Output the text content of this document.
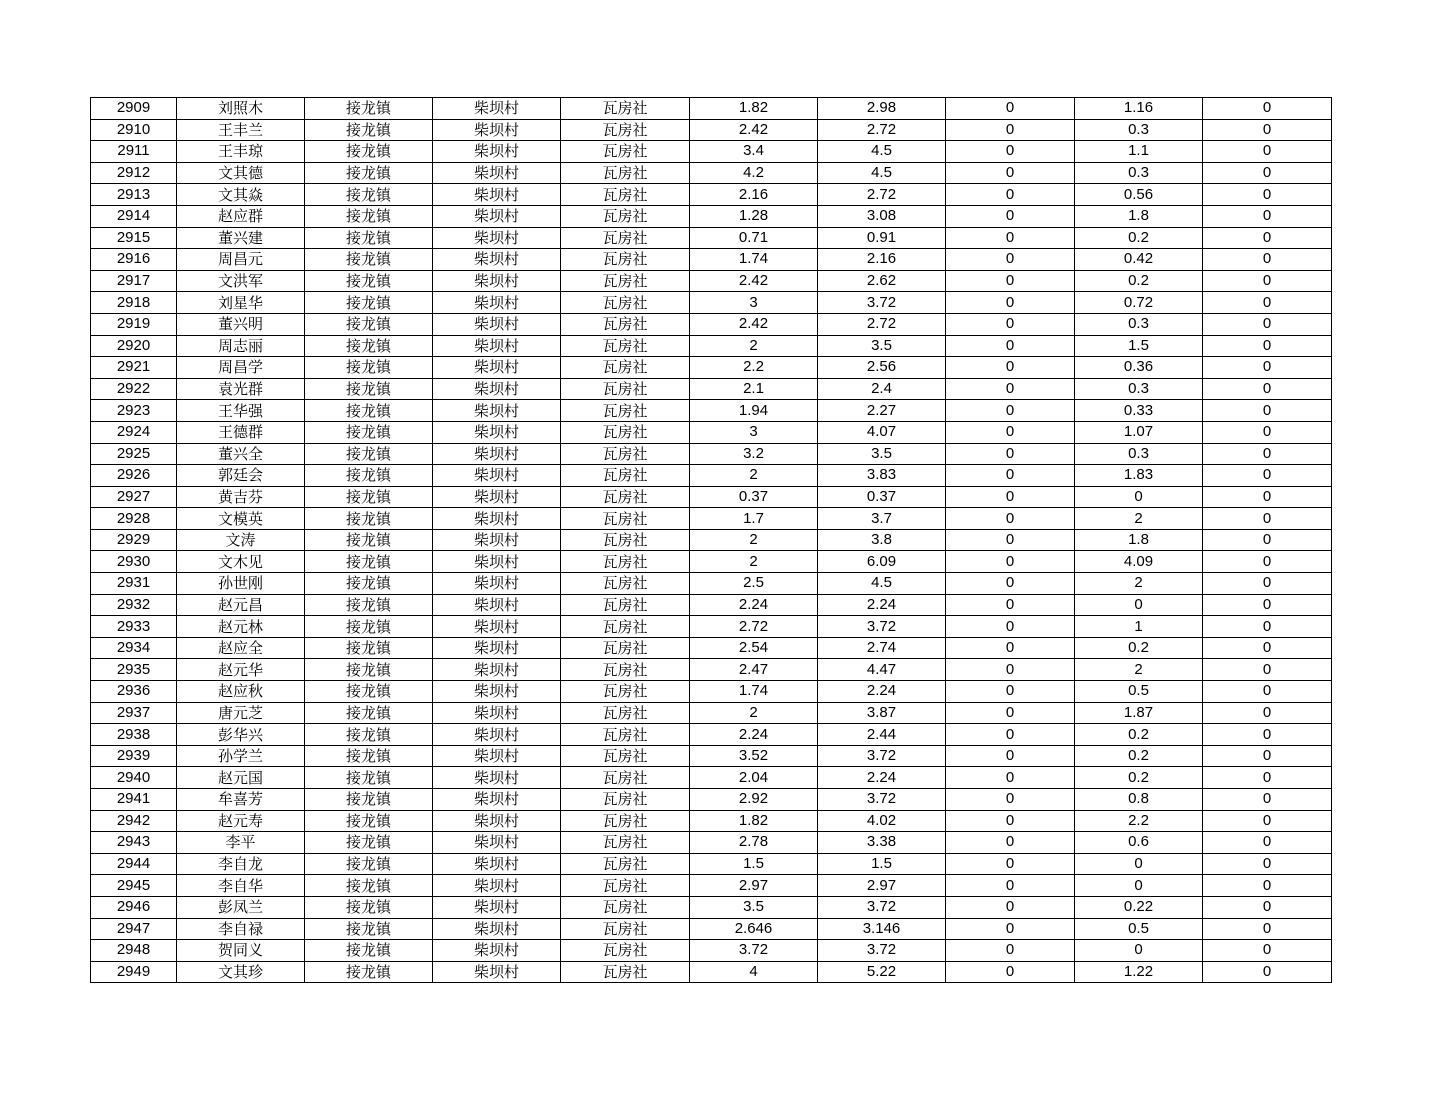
2909	刘照木	接龙镇	柴坝村	瓦房社	1.82	2.98	0	1.16	0
2910	王丰兰	接龙镇	柴坝村	瓦房社	2.42	2.72	0	0.3	0
2911	王丰琼	接龙镇	柴坝村	瓦房社	3.4	4.5	0	1.1	0
2912	文其德	接龙镇	柴坝村	瓦房社	4.2	4.5	0	0.3	0
2913	文其焱	接龙镇	柴坝村	瓦房社	2.16	2.72	0	0.56	0
2914	赵应群	接龙镇	柴坝村	瓦房社	1.28	3.08	0	1.8	0
2915	董兴建	接龙镇	柴坝村	瓦房社	0.71	0.91	0	0.2	0
2916	周昌元	接龙镇	柴坝村	瓦房社	1.74	2.16	0	0.42	0
2917	文洪军	接龙镇	柴坝村	瓦房社	2.42	2.62	0	0.2	0
2918	刘星华	接龙镇	柴坝村	瓦房社	3	3.72	0	0.72	0
2919	董兴明	接龙镇	柴坝村	瓦房社	2.42	2.72	0	0.3	0
2920	周志丽	接龙镇	柴坝村	瓦房社	2	3.5	0	1.5	0
2921	周昌学	接龙镇	柴坝村	瓦房社	2.2	2.56	0	0.36	0
2922	袁光群	接龙镇	柴坝村	瓦房社	2.1	2.4	0	0.3	0
2923	王华强	接龙镇	柴坝村	瓦房社	1.94	2.27	0	0.33	0
2924	王德群	接龙镇	柴坝村	瓦房社	3	4.07	0	1.07	0
2925	董兴全	接龙镇	柴坝村	瓦房社	3.2	3.5	0	0.3	0
2926	郭廷会	接龙镇	柴坝村	瓦房社	2	3.83	0	1.83	0
2927	黄吉芬	接龙镇	柴坝村	瓦房社	0.37	0.37	0	0	0
2928	文模英	接龙镇	柴坝村	瓦房社	1.7	3.7	0	2	0
2929	文涛	接龙镇	柴坝村	瓦房社	2	3.8	0	1.8	0
2930	文木见	接龙镇	柴坝村	瓦房社	2	6.09	0	4.09	0
2931	孙世刚	接龙镇	柴坝村	瓦房社	2.5	4.5	0	2	0
2932	赵元昌	接龙镇	柴坝村	瓦房社	2.24	2.24	0	0	0
2933	赵元林	接龙镇	柴坝村	瓦房社	2.72	3.72	0	1	0
2934	赵应全	接龙镇	柴坝村	瓦房社	2.54	2.74	0	0.2	0
2935	赵元华	接龙镇	柴坝村	瓦房社	2.47	4.47	0	2	0
2936	赵应秋	接龙镇	柴坝村	瓦房社	1.74	2.24	0	0.5	0
2937	唐元芝	接龙镇	柴坝村	瓦房社	2	3.87	0	1.87	0
2938	彭华兴	接龙镇	柴坝村	瓦房社	2.24	2.44	0	0.2	0
2939	孙学兰	接龙镇	柴坝村	瓦房社	3.52	3.72	0	0.2	0
2940	赵元国	接龙镇	柴坝村	瓦房社	2.04	2.24	0	0.2	0
2941	牟喜芳	接龙镇	柴坝村	瓦房社	2.92	3.72	0	0.8	0
2942	赵元寿	接龙镇	柴坝村	瓦房社	1.82	4.02	0	2.2	0
2943	李平	接龙镇	柴坝村	瓦房社	2.78	3.38	0	0.6	0
2944	李自龙	接龙镇	柴坝村	瓦房社	1.5	1.5	0	0	0
2945	李自华	接龙镇	柴坝村	瓦房社	2.97	2.97	0	0	0
2946	彭凤兰	接龙镇	柴坝村	瓦房社	3.5	3.72	0	0.22	0
2947	李自禄	接龙镇	柴坝村	瓦房社	2.646	3.146	0	0.5	0
2948	贺同义	接龙镇	柴坝村	瓦房社	3.72	3.72	0	0	0
2949	文其珍	接龙镇	柴坝村	瓦房社	4	5.22	0	1.22	0
